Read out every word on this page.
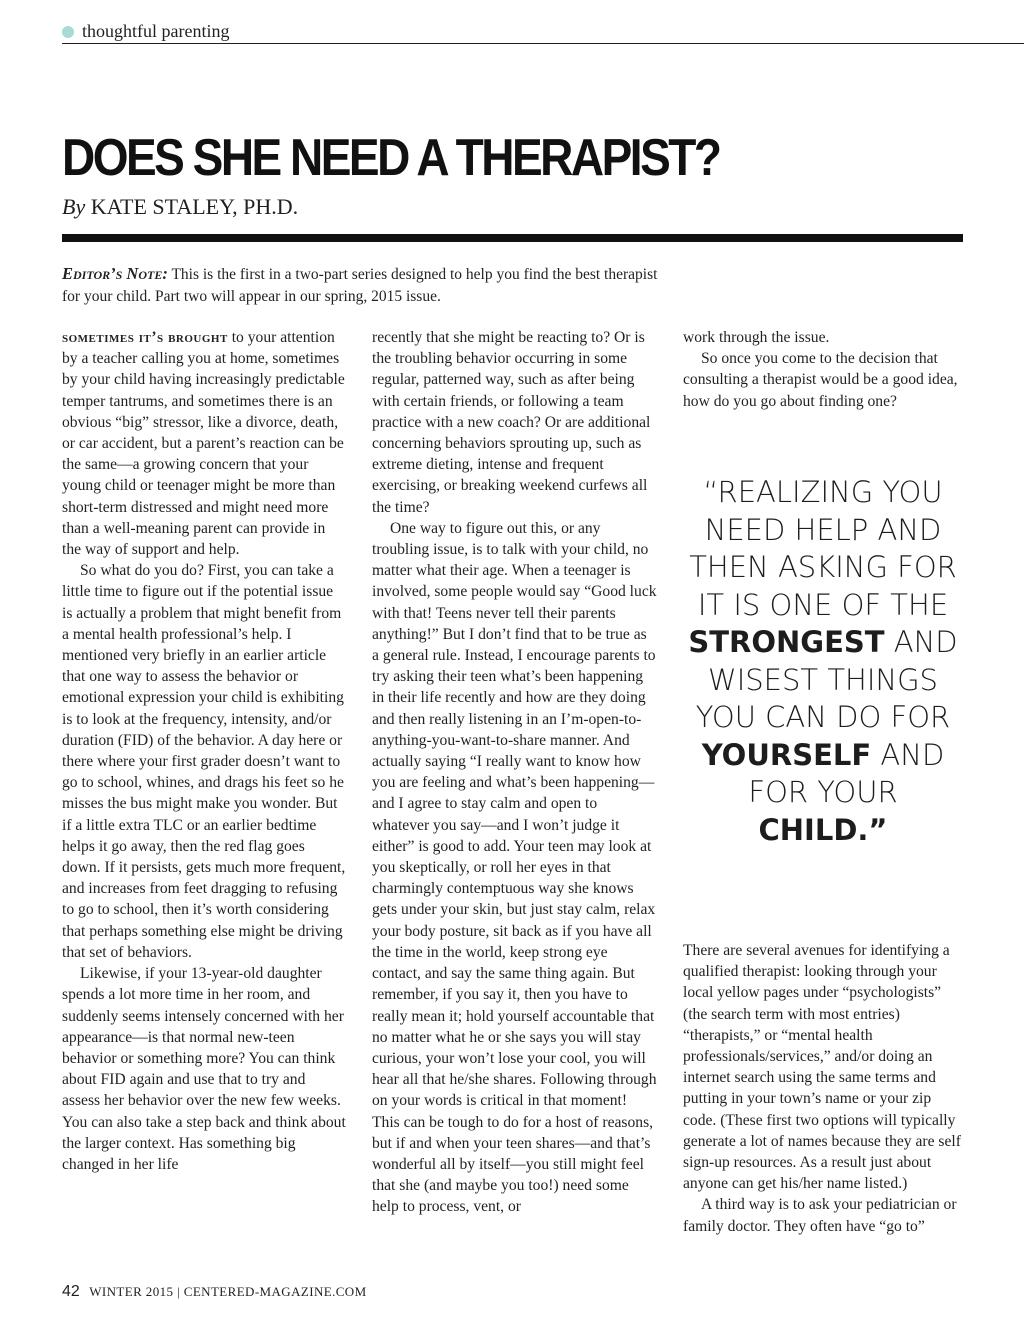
thoughtful parenting
DOES SHE NEED A THERAPIST?
By KATE STALEY, PH.D.

Editor’s Note: This is the first in a two-part series designed to help you find the best therapist for your child. Part two will appear in our spring, 2015 issue.

sometimes it’s brought to your attention by a teacher calling you at home, sometimes by your child having increasingly predictable temper tantrums, and sometimes there is an obvious “big” stressor, like a divorce, death, or car accident, but a parent’s reaction can be the same—a growing concern that your young child or teenager might be more than short-term distressed and might need more than a well-meaning parent can provide in the way of support and help.

So what do you do? First, you can take a little time to figure out if the potential issue is actually a problem that might benefit from a mental health professional’s help. I mentioned very briefly in an earlier article that one way to assess the behavior or emotional expression your child is exhibiting is to look at the frequency, intensity, and/or duration (FID) of the behavior. A day here or there where your first grader doesn’t want to go to school, whines, and drags his feet so he misses the bus might make you wonder. But if a little extra TLC or an earlier bedtime helps it go away, then the red flag goes down. If it persists, gets much more frequent, and increases from feet dragging to refusing to go to school, then it’s worth considering that perhaps something else might be driving that set of behaviors.

Likewise, if your 13-year-old daughter spends a lot more time in her room, and suddenly seems intensely concerned with her appearance—is that normal new-teen behavior or something more? You can think about FID again and use that to try and assess her behavior over the new few weeks. You can also take a step back and think about the larger context. Has something big changed in her life

recently that she might be reacting to? Or is the troubling behavior occurring in some regular, patterned way, such as after being with certain friends, or following a team practice with a new coach? Or are additional concerning behaviors sprouting up, such as extreme dieting, intense and frequent exercising, or breaking weekend curfews all the time?

One way to figure out this, or any troubling issue, is to talk with your child, no matter what their age. When a teenager is involved, some people would say “Good luck with that! Teens never tell their parents anything!” But I don’t find that to be true as a general rule. Instead, I encourage parents to try asking their teen what’s been happening in their life recently and how are they doing and then really listening in an I’m-open-to-anything-you-want-to-share manner. And actually saying “I really want to know how you are feeling and what’s been happening—and I agree to stay calm and open to whatever you say—and I won’t judge it either” is good to add. Your teen may look at you skeptically, or roll her eyes in that charmingly contemptuous way she knows gets under your skin, but just stay calm, relax your body posture, sit back as if you have all the time in the world, keep strong eye contact, and say the same thing again. But remember, if you say it, then you have to really mean it; hold yourself accountable that no matter what he or she says you will stay curious, your won’t lose your cool, you will hear all that he/she shares. Following through on your words is critical in that moment! This can be tough to do for a host of reasons, but if and when your teen shares—and that’s wonderful all by itself—you still might feel that she (and maybe you too!) need some help to process, vent, or

work through the issue.

So once you come to the decision that consulting a therapist would be a good idea, how do you go about finding one?

“REALIZING YOU NEED HELP AND THEN ASKING FOR IT IS ONE OF THE STRONGEST AND WISEST THINGS YOU CAN DO FOR YOURSELF AND FOR YOUR CHILD.”

There are several avenues for identifying a qualified therapist: looking through your local yellow pages under “psychologists” (the search term with most entries) “therapists,” or “mental health professionals/services,” and/or doing an internet search using the same terms and putting in your town’s name or your zip code. (These first two options will typically generate a lot of names because they are self sign-up resources. As a result just about anyone can get his/her name listed.)

A third way is to ask your pediatrician or family doctor. They often have “go to”

42 WINTER 2015 | CENTERED-MAGAZINE.COM
